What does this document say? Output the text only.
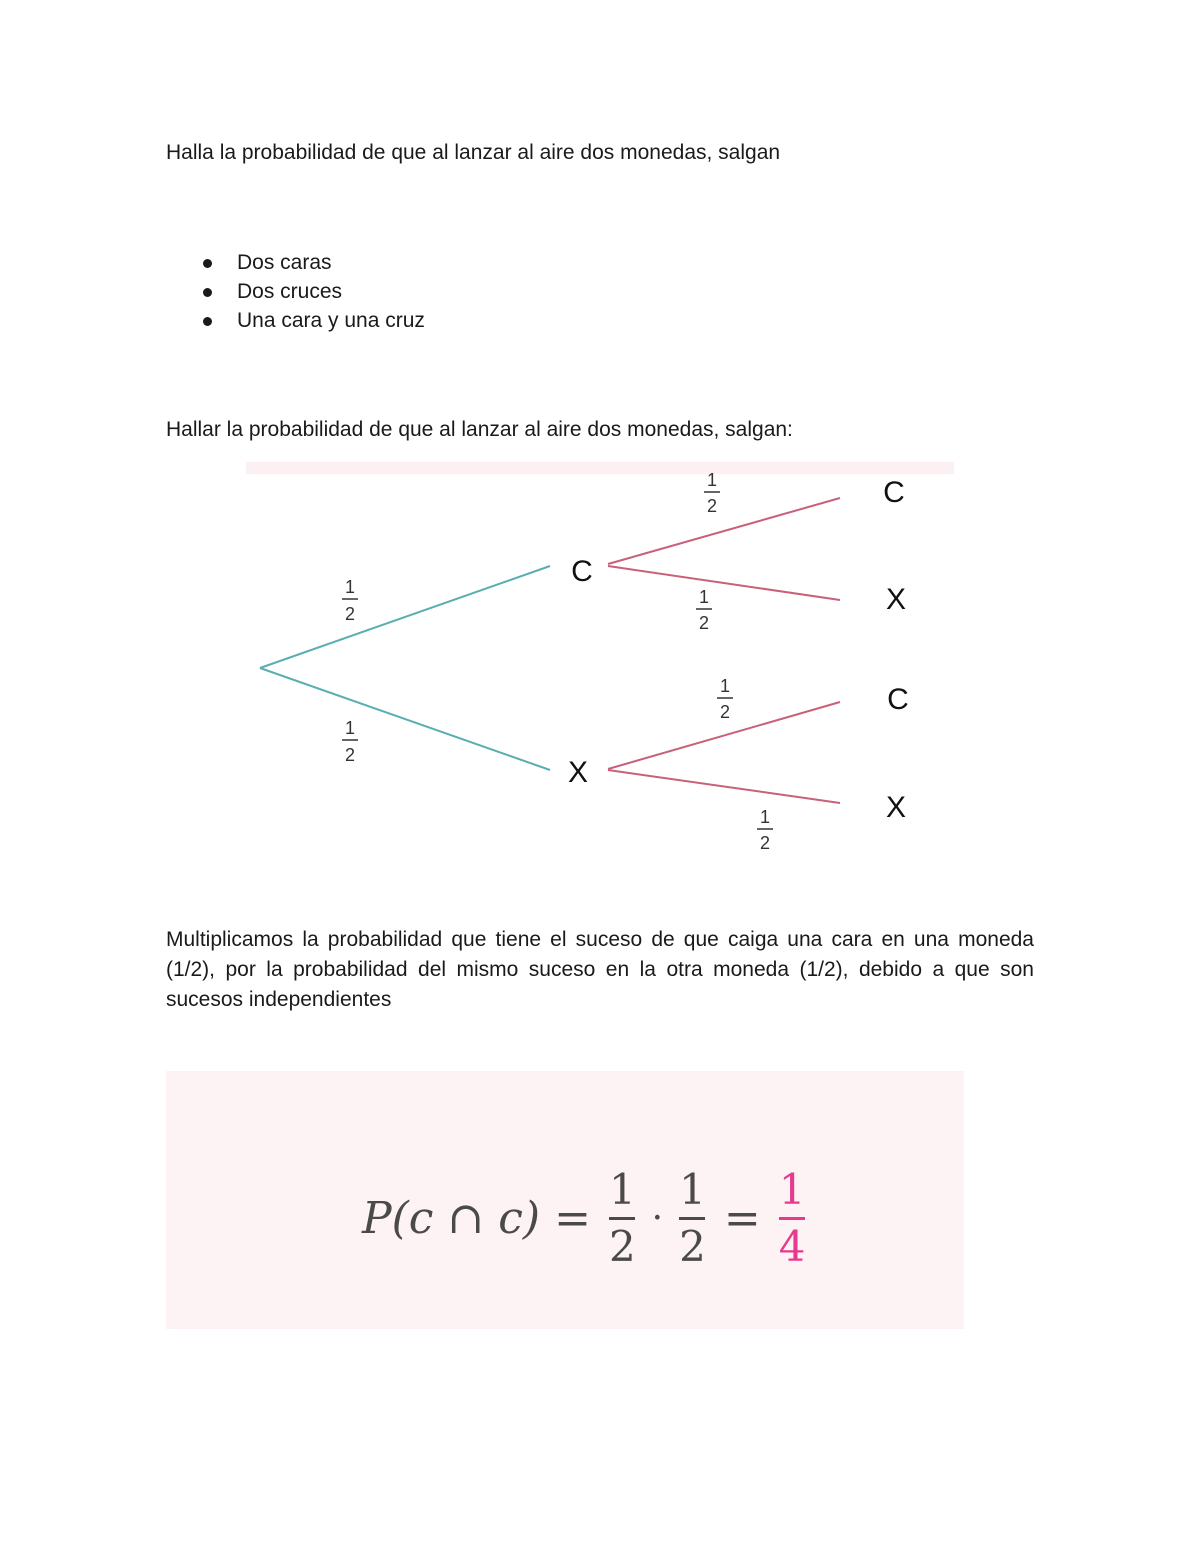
Halla la probabilidad de que al lanzar al aire dos monedas, salgan

Dos caras
Dos cruces
Una cara y una cruz

Hallar la probabilidad de que al lanzar al aire dos monedas, salgan:

1
2
1
2
1
2
1
2
1
2
1
2
C
X
C
X
C
X

Multiplicamos la probabilidad que tiene el suceso de que caiga una cara en una moneda (1/2), por la probabilidad del mismo suceso en la otra moneda (1/2), debido a que son sucesos independientes

P(c ∩ $c) = \frac{1}{2} \cdot \frac{1}{2} = \frac{1}{4}$
